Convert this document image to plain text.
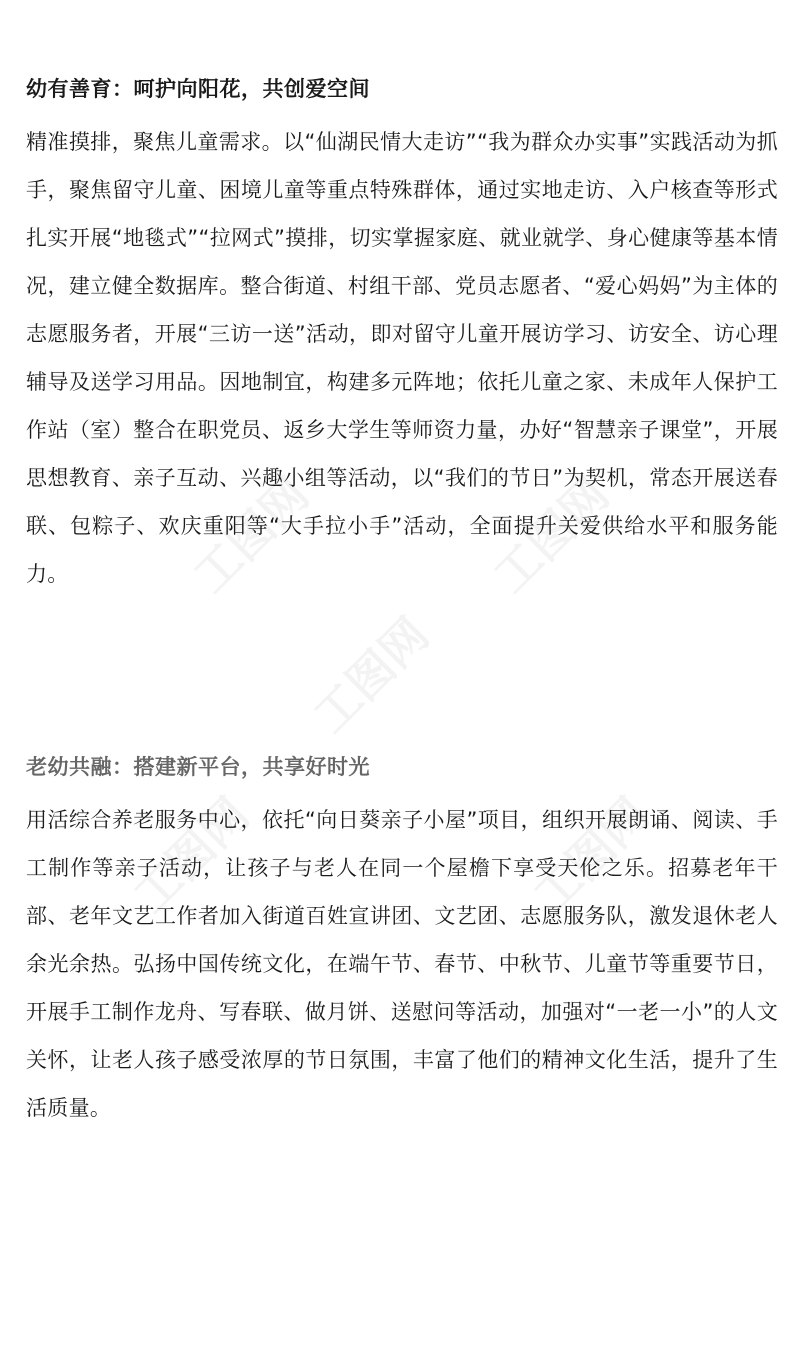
工图网	工图网
工图网
工图网	工图网
幼有善育：呵护向阳花，共创爱空间

精准摸排，聚焦儿童需求。以“仙湖民情大走访”“我为群众办实事”实践活动为抓手，聚焦留守儿童、困境儿童等重点特殊群体，通过实地走访、入户核查等形式扎实开展“地毯式”“拉网式”摸排，切实掌握家庭、就业就学、身心健康等基本情况，建立健全数据库。整合街道、村组干部、党员志愿者、“爱心妈妈”为主体的志愿服务者，开展“三访一送”活动，即对留守儿童开展访学习、访安全、访心理辅导及送学习用品。因地制宜，构建多元阵地；依托儿童之家、未成年人保护工作站（室）整合在职党员、返乡大学生等师资力量，办好“智慧亲子课堂”，开展思想教育、亲子互动、兴趣小组等活动，以“我们的节日”为契机，常态开展送春联、包粽子、欢庆重阳等“大手拉小手”活动，全面提升关爱供给水平和服务能力。

老幼共融：搭建新平台，共享好时光

用活综合养老服务中心，依托“向日葵亲子小屋”项目，组织开展朗诵、阅读、手工制作等亲子活动，让孩子与老人在同一个屋檐下享受天伦之乐。招募老年干部、老年文艺工作者加入街道百姓宣讲团、文艺团、志愿服务队，激发退休老人余光余热。弘扬中国传统文化，在端午节、春节、中秋节、儿童节等重要节日，开展手工制作龙舟、写春联、做月饼、送慰问等活动，加强对“一老一小”的人文关怀，让老人孩子感受浓厚的节日氛围，丰富了他们的精神文化生活，提升了生活质量。
